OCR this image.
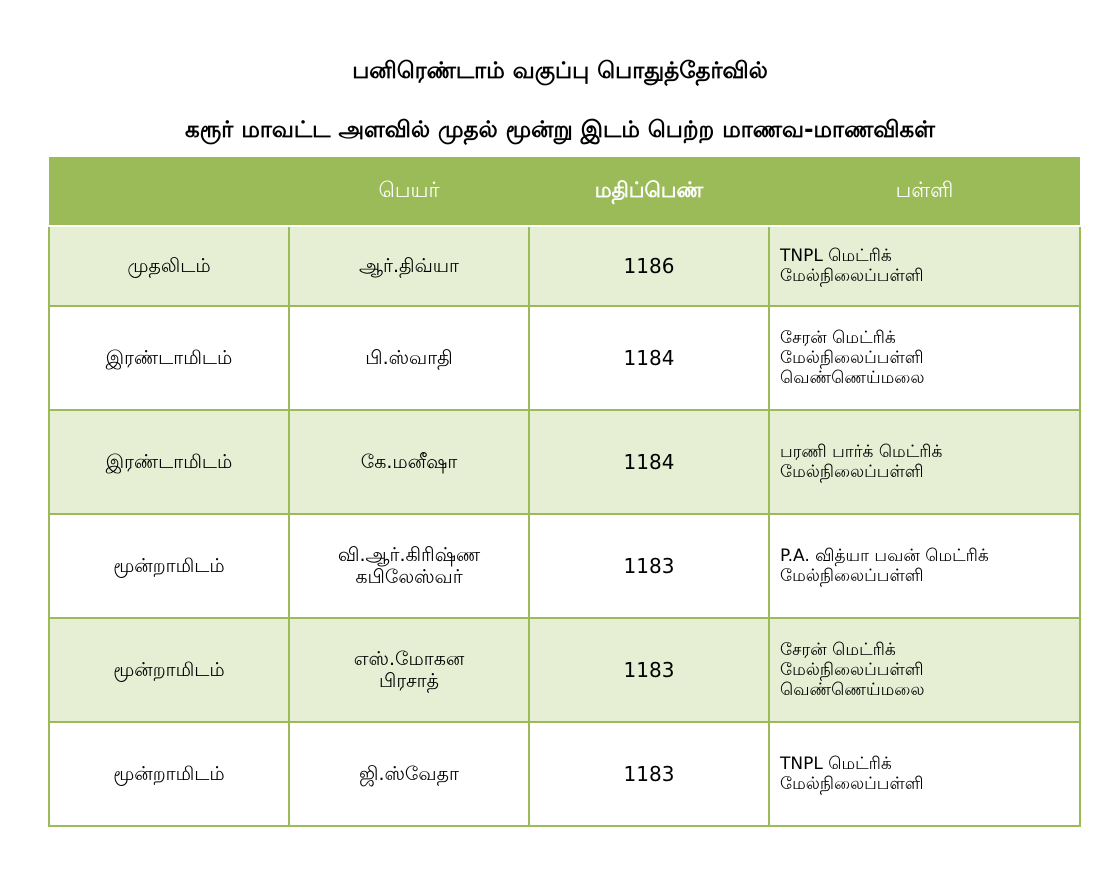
பனிரெண்டாம் வகுப்பு பொதுத்தேர்வில்
கரூர் மாவட்ட அளவில் முதல் மூன்று இடம் பெற்ற மாணவ-மாணவிகள்
	பெயர்	மதிப்பெண்	பள்ளி
முதலிடம்	ஆர்.திவ்யா	1186	TNPL மெட்ரிக்
மேல்நிலைப்பள்ளி
இரண்டாமிடம்	பி.ஸ்வாதி	1184	சேரன் மெட்ரிக்
மேல்நிலைப்பள்ளி
வெண்ணெய்மலை
இரண்டாமிடம்	கே.மனீஷா	1184	பரணி பார்க் மெட்ரிக்
மேல்நிலைப்பள்ளி
மூன்றாமிடம்	வி.ஆர்.கிரிஷ்ண
கபிலேஸ்வர்	1183	P.A. வித்யா பவன் மெட்ரிக்
மேல்நிலைப்பள்ளி
மூன்றாமிடம்	எஸ்.மோகன
பிரசாத்	1183	சேரன் மெட்ரிக்
மேல்நிலைப்பள்ளி
வெண்ணெய்மலை
மூன்றாமிடம்	ஜி.ஸ்வேதா	1183	TNPL மெட்ரிக்
மேல்நிலைப்பள்ளி
